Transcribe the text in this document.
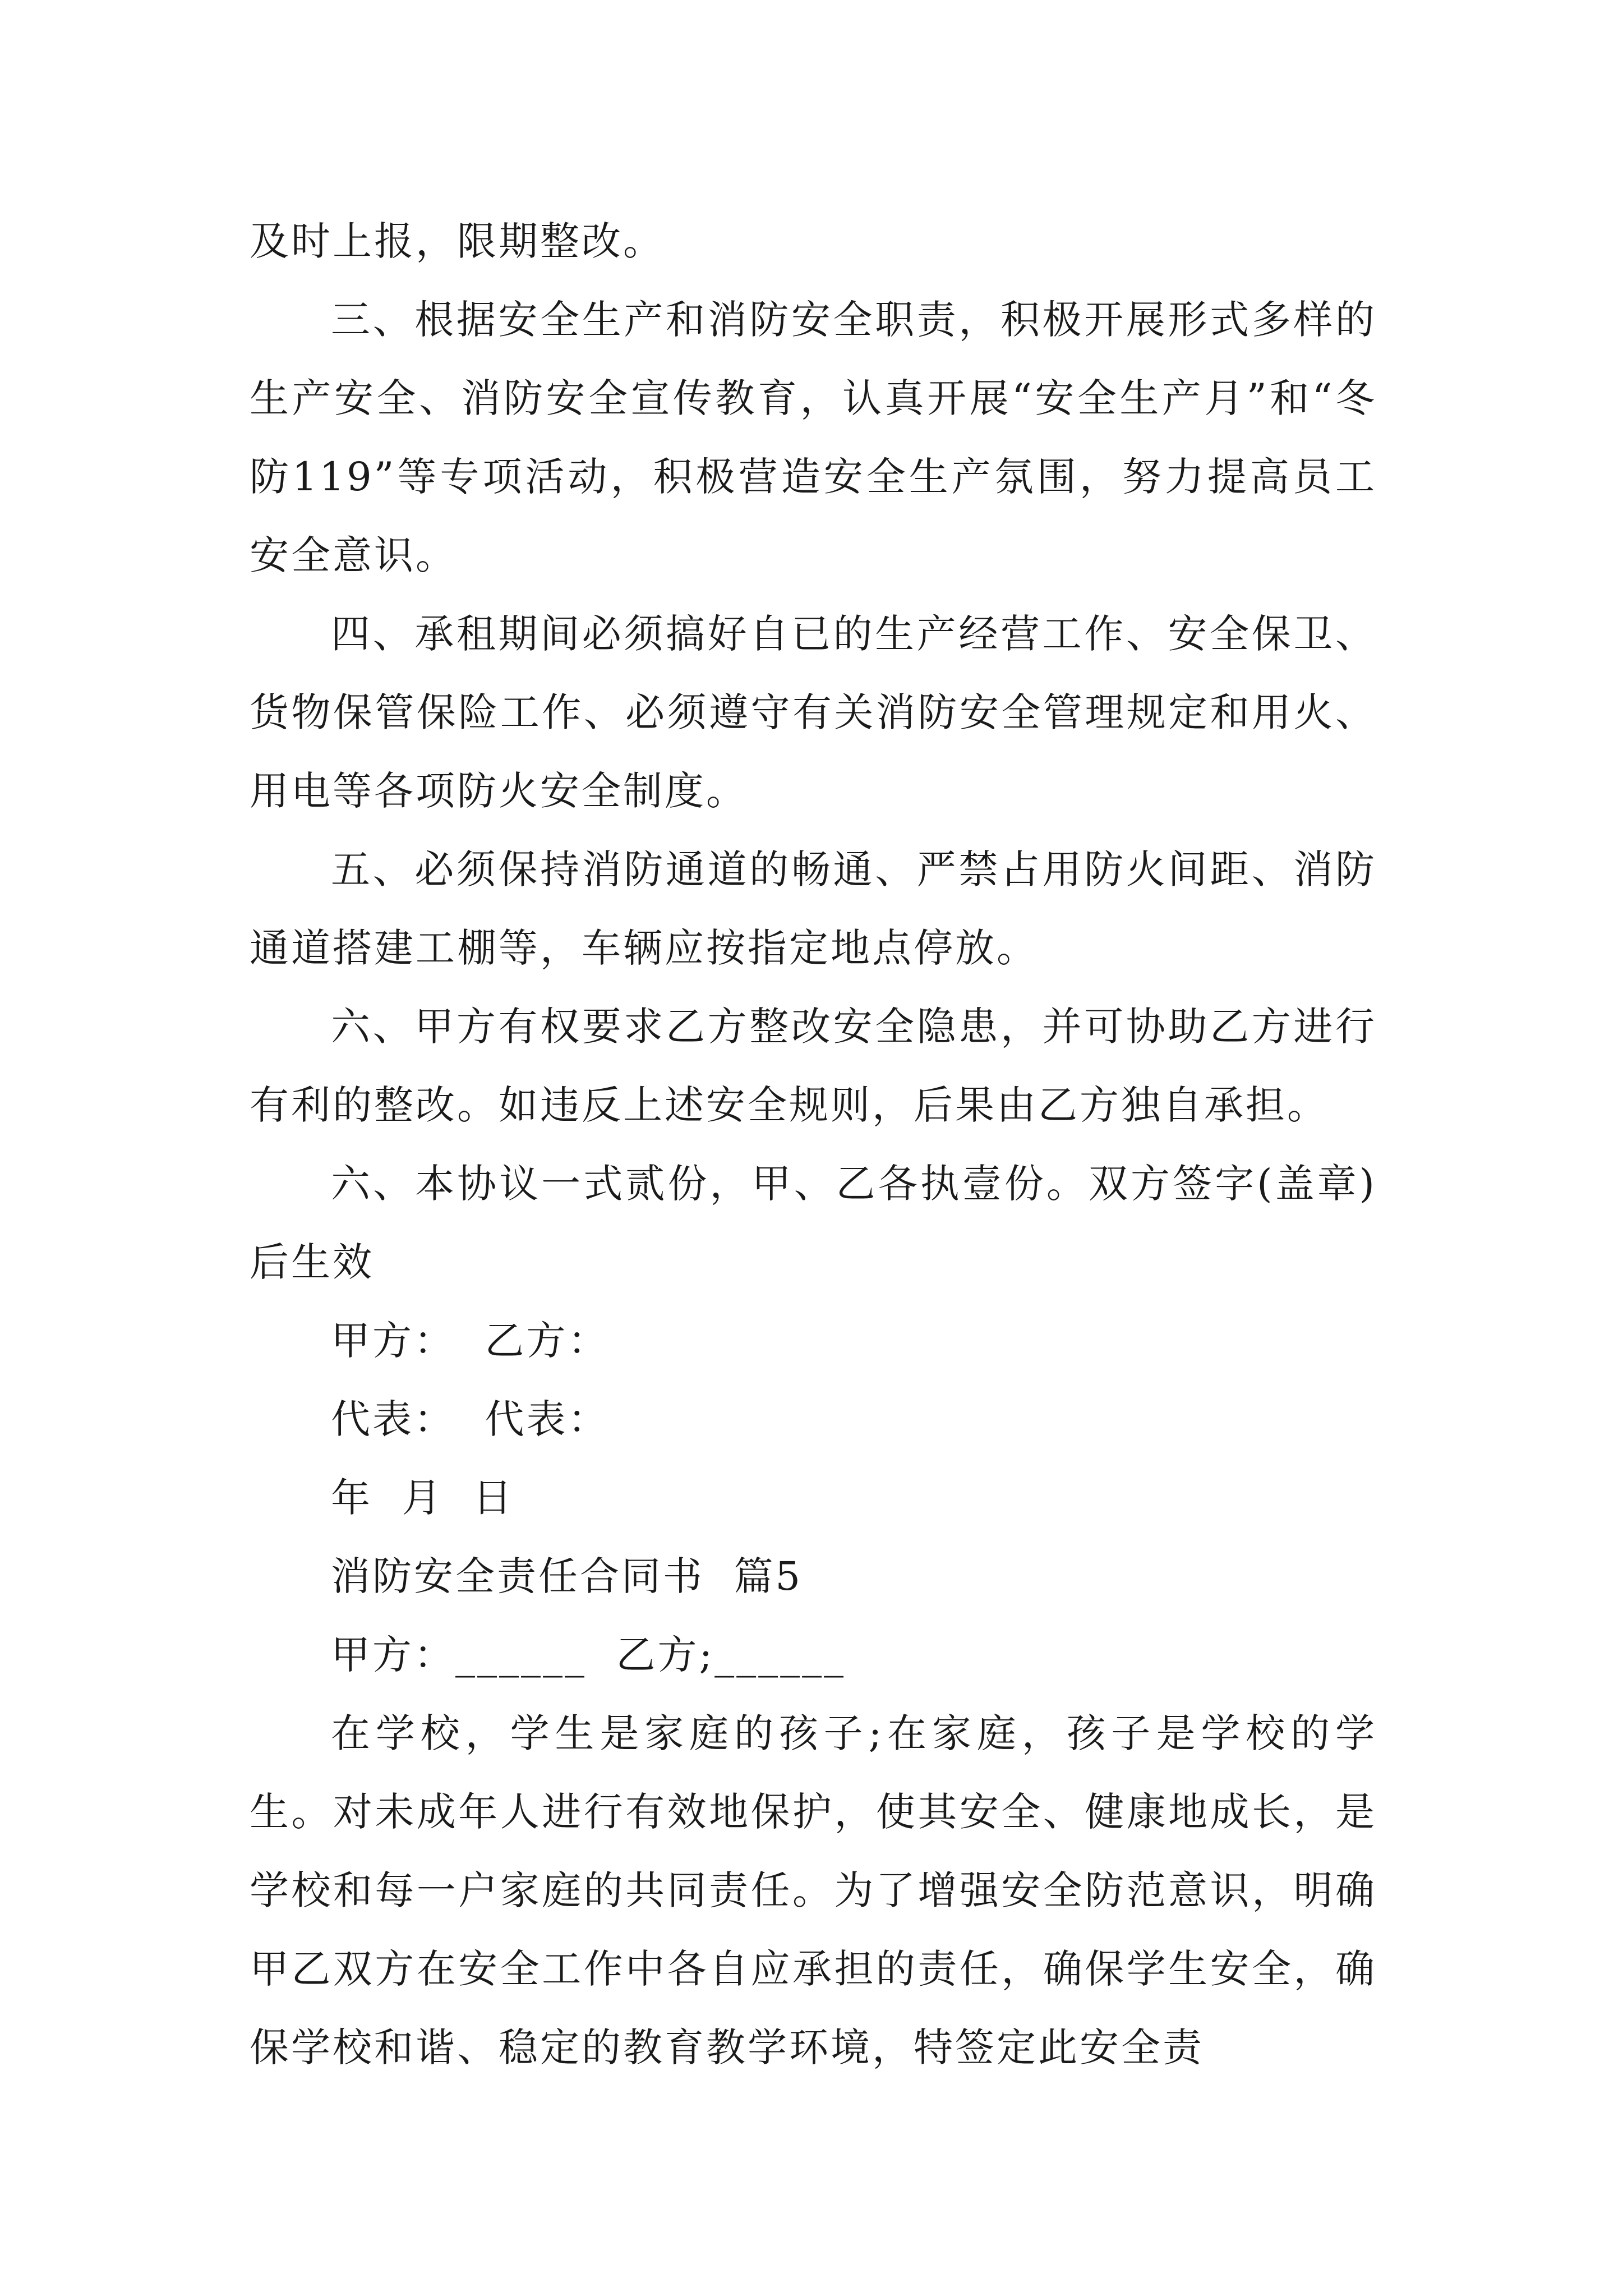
及时上报，限期整改。

三、根据安全生产和消防安全职责，积极开展形式多样的生产安全、消防安全宣传教育，认真开展“安全生产月”和“冬防119”等专项活动，积极营造安全生产氛围，努力提高员工安全意识。

四、承租期间必须搞好自已的生产经营工作、安全保卫、货物保管保险工作、必须遵守有关消防安全管理规定和用火、用电等各项防火安全制度。

五、必须保持消防通道的畅通、严禁占用防火间距、消防通道搭建工棚等，车辆应按指定地点停放。

六、甲方有权要求乙方整改安全隐患，并可协助乙方进行有利的整改。如违反上述安全规则，后果由乙方独自承担。

六、本协议一式贰份，甲、乙各执壹份。双方签字(盖章)后生效

甲方：  乙方：

代表：  代表：

年  月  日

消防安全责任合同书  篇5

甲方：______  乙方;______

在学校，学生是家庭的孩子;在家庭，孩子是学校的学生。对未成年人进行有效地保护，使其安全、健康地成长，是学校和每一户家庭的共同责任。为了增强安全防范意识，明确甲乙双方在安全工作中各自应承担的责任，确保学生安全，确保学校和谐、稳定的教育教学环境，特签定此安全责
